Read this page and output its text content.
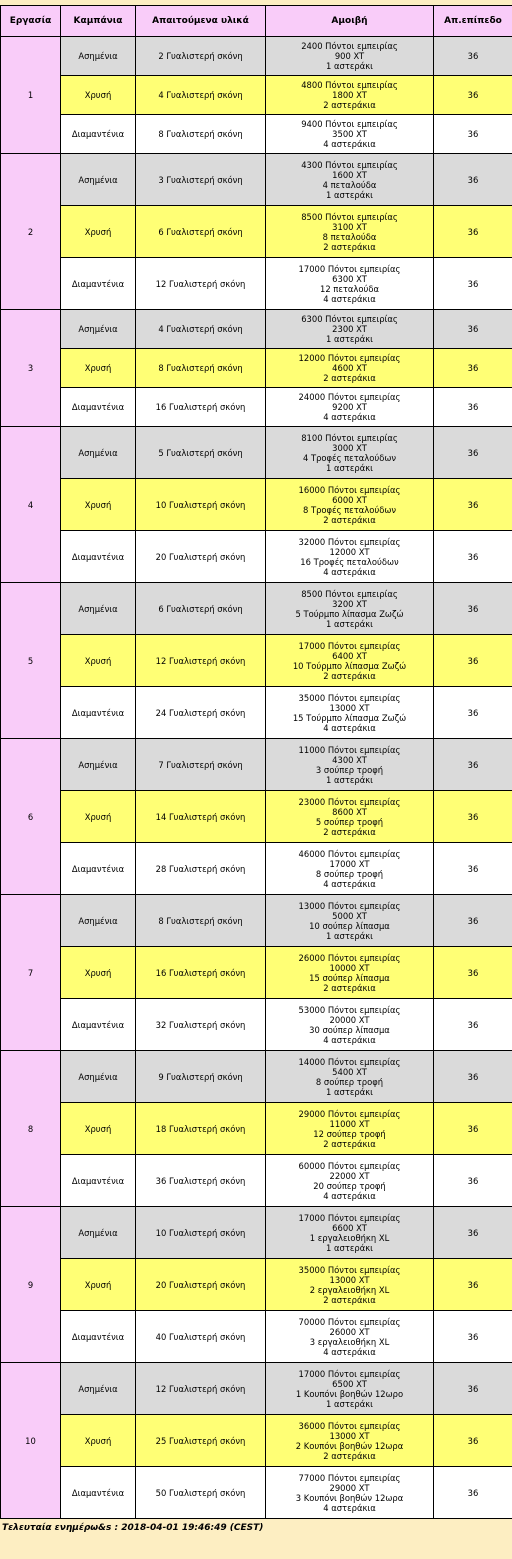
Εργασία	Καμπάνια	Απαιτούμενα υλικά	Αμοιβή	Απ.επίπεδο
1	Ασημένια	2 Γυαλιστερή σκόνη	2400 Πόντοι εμπειρίας
900 XT
1 αστεράκι	36
	Χρυσή	4 Γυαλιστερή σκόνη	4800 Πόντοι εμπειρίας
1800 XT
2 αστεράκια	36
	Διαμαντένια	8 Γυαλιστερή σκόνη	9400 Πόντοι εμπειρίας
3500 XT
4 αστεράκια	36
2	Ασημένια	3 Γυαλιστερή σκόνη	4300 Πόντοι εμπειρίας
1600 XT
4 πεταλούδα
1 αστεράκι	36
	Χρυσή	6 Γυαλιστερή σκόνη	8500 Πόντοι εμπειρίας
3100 XT
8 πεταλούδα
2 αστεράκια	36
	Διαμαντένια	12 Γυαλιστερή σκόνη	17000 Πόντοι εμπειρίας
6300 XT
12 πεταλούδα
4 αστεράκια	36
3	Ασημένια	4 Γυαλιστερή σκόνη	6300 Πόντοι εμπειρίας
2300 XT
1 αστεράκι	36
	Χρυσή	8 Γυαλιστερή σκόνη	12000 Πόντοι εμπειρίας
4600 XT
2 αστεράκια	36
	Διαμαντένια	16 Γυαλιστερή σκόνη	24000 Πόντοι εμπειρίας
9200 XT
4 αστεράκια	36
4	Ασημένια	5 Γυαλιστερή σκόνη	8100 Πόντοι εμπειρίας
3000 XT
4 Τροφές πεταλούδων
1 αστεράκι	36
	Χρυσή	10 Γυαλιστερή σκόνη	16000 Πόντοι εμπειρίας
6000 XT
8 Τροφές πεταλούδων
2 αστεράκια	36
	Διαμαντένια	20 Γυαλιστερή σκόνη	32000 Πόντοι εμπειρίας
12000 XT
16 Τροφές πεταλούδων
4 αστεράκια	36
5	Ασημένια	6 Γυαλιστερή σκόνη	8500 Πόντοι εμπειρίας
3200 XT
5 Τούρμπο λίπασμα Ζωζώ
1 αστεράκι	36
	Χρυσή	12 Γυαλιστερή σκόνη	17000 Πόντοι εμπειρίας
6400 XT
10 Τούρμπο λίπασμα Ζωζώ
2 αστεράκια	36
	Διαμαντένια	24 Γυαλιστερή σκόνη	35000 Πόντοι εμπειρίας
13000 XT
15 Τούρμπο λίπασμα Ζωζώ
4 αστεράκια	36
6	Ασημένια	7 Γυαλιστερή σκόνη	11000 Πόντοι εμπειρίας
4300 XT
3 σούπερ τροφή
1 αστεράκι	36
	Χρυσή	14 Γυαλιστερή σκόνη	23000 Πόντοι εμπειρίας
8600 XT
5 σούπερ τροφή
2 αστεράκια	36
	Διαμαντένια	28 Γυαλιστερή σκόνη	46000 Πόντοι εμπειρίας
17000 XT
8 σούπερ τροφή
4 αστεράκια	36
7	Ασημένια	8 Γυαλιστερή σκόνη	13000 Πόντοι εμπειρίας
5000 XT
10 σούπερ λίπασμα
1 αστεράκι	36
	Χρυσή	16 Γυαλιστερή σκόνη	26000 Πόντοι εμπειρίας
10000 XT
15 σούπερ λίπασμα
2 αστεράκια	36
	Διαμαντένια	32 Γυαλιστερή σκόνη	53000 Πόντοι εμπειρίας
20000 XT
30 σούπερ λίπασμα
4 αστεράκια	36
8	Ασημένια	9 Γυαλιστερή σκόνη	14000 Πόντοι εμπειρίας
5400 XT
8 σούπερ τροφή
1 αστεράκι	36
	Χρυσή	18 Γυαλιστερή σκόνη	29000 Πόντοι εμπειρίας
11000 XT
12 σούπερ τροφή
2 αστεράκια	36
	Διαμαντένια	36 Γυαλιστερή σκόνη	60000 Πόντοι εμπειρίας
22000 XT
20 σούπερ τροφή
4 αστεράκια	36
9	Ασημένια	10 Γυαλιστερή σκόνη	17000 Πόντοι εμπειρίας
6600 XT
1 εργαλειοθήκη XL
1 αστεράκι	36
	Χρυσή	20 Γυαλιστερή σκόνη	35000 Πόντοι εμπειρίας
13000 XT
2 εργαλειοθήκη XL
2 αστεράκια	36
	Διαμαντένια	40 Γυαλιστερή σκόνη	70000 Πόντοι εμπειρίας
26000 XT
3 εργαλειοθήκη XL
4 αστεράκια	36
10	Ασημένια	12 Γυαλιστερή σκόνη	17000 Πόντοι εμπειρίας
6500 XT
1 Κουπόνι βοηθών 12ωρο
1 αστεράκι	36
	Χρυσή	25 Γυαλιστερή σκόνη	36000 Πόντοι εμπειρίας
13000 XT
2 Κουπόνι βοηθών 12ωρα
2 αστεράκια	36
	Διαμαντένια	50 Γυαλιστερή σκόνη	77000 Πόντοι εμπειρίας
29000 XT
3 Κουπόνι βοηθών 12ωρα
4 αστεράκια	36
Τελευταία ενημέρω&s : 2018-04-01 19:46:49 (CEST)
